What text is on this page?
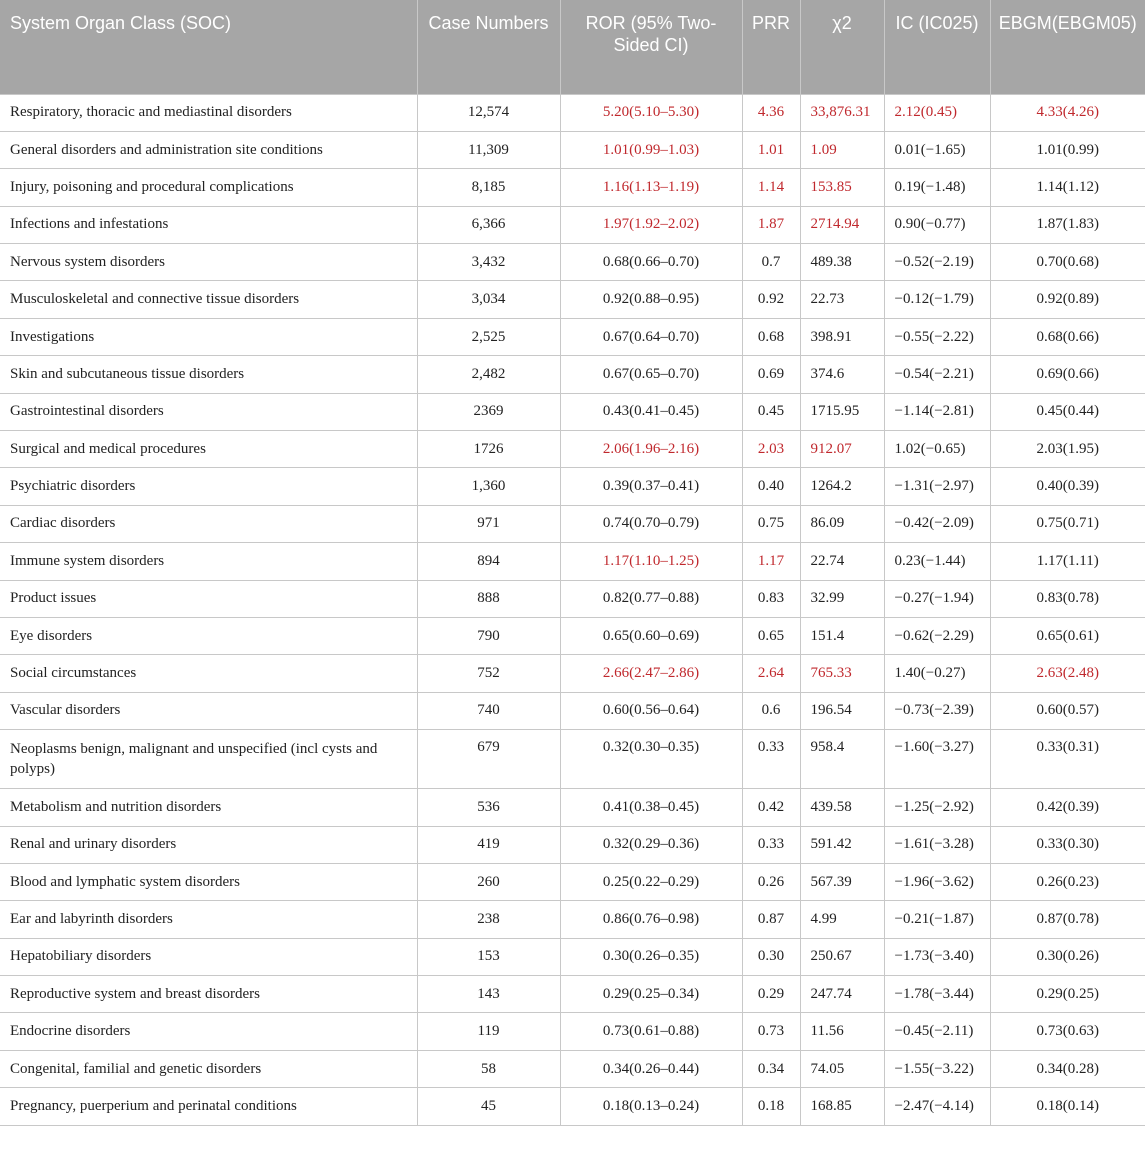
System Organ Class (SOC)	Case Numbers	ROR (95% Two-Sided CI)	PRR	χ2	IC (IC025)	EBGM(EBGM05)
Respiratory, thoracic and mediastinal disorders	12,574	5.20(5.10–5.30)	4.36	33,876.31	2.12(0.45)	4.33(4.26)
General disorders and administration site conditions	11,309	1.01(0.99–1.03)	1.01	1.09	0.01(−1.65)	1.01(0.99)
Injury, poisoning and procedural complications	8,185	1.16(1.13–1.19)	1.14	153.85	0.19(−1.48)	1.14(1.12)
Infections and infestations	6,366	1.97(1.92–2.02)	1.87	2714.94	0.90(−0.77)	1.87(1.83)
Nervous system disorders	3,432	0.68(0.66–0.70)	0.7	489.38	−0.52(−2.19)	0.70(0.68)
Musculoskeletal and connective tissue disorders	3,034	0.92(0.88–0.95)	0.92	22.73	−0.12(−1.79)	0.92(0.89)
Investigations	2,525	0.67(0.64–0.70)	0.68	398.91	−0.55(−2.22)	0.68(0.66)
Skin and subcutaneous tissue disorders	2,482	0.67(0.65–0.70)	0.69	374.6	−0.54(−2.21)	0.69(0.66)
Gastrointestinal disorders	2369	0.43(0.41–0.45)	0.45	1715.95	−1.14(−2.81)	0.45(0.44)
Surgical and medical procedures	1726	2.06(1.96–2.16)	2.03	912.07	1.02(−0.65)	2.03(1.95)
Psychiatric disorders	1,360	0.39(0.37–0.41)	0.40	1264.2	−1.31(−2.97)	0.40(0.39)
Cardiac disorders	971	0.74(0.70–0.79)	0.75	86.09	−0.42(−2.09)	0.75(0.71)
Immune system disorders	894	1.17(1.10–1.25)	1.17	22.74	0.23(−1.44)	1.17(1.11)
Product issues	888	0.82(0.77–0.88)	0.83	32.99	−0.27(−1.94)	0.83(0.78)
Eye disorders	790	0.65(0.60–0.69)	0.65	151.4	−0.62(−2.29)	0.65(0.61)
Social circumstances	752	2.66(2.47–2.86)	2.64	765.33	1.40(−0.27)	2.63(2.48)
Vascular disorders	740	0.60(0.56–0.64)	0.6	196.54	−0.73(−2.39)	0.60(0.57)
Neoplasms benign, malignant and unspecified (incl cysts and polyps)	679	0.32(0.30–0.35)	0.33	958.4	−1.60(−3.27)	0.33(0.31)
Metabolism and nutrition disorders	536	0.41(0.38–0.45)	0.42	439.58	−1.25(−2.92)	0.42(0.39)
Renal and urinary disorders	419	0.32(0.29–0.36)	0.33	591.42	−1.61(−3.28)	0.33(0.30)
Blood and lymphatic system disorders	260	0.25(0.22–0.29)	0.26	567.39	−1.96(−3.62)	0.26(0.23)
Ear and labyrinth disorders	238	0.86(0.76–0.98)	0.87	4.99	−0.21(−1.87)	0.87(0.78)
Hepatobiliary disorders	153	0.30(0.26–0.35)	0.30	250.67	−1.73(−3.40)	0.30(0.26)
Reproductive system and breast disorders	143	0.29(0.25–0.34)	0.29	247.74	−1.78(−3.44)	0.29(0.25)
Endocrine disorders	119	0.73(0.61–0.88)	0.73	11.56	−0.45(−2.11)	0.73(0.63)
Congenital, familial and genetic disorders	58	0.34(0.26–0.44)	0.34	74.05	−1.55(−3.22)	0.34(0.28)
Pregnancy, puerperium and perinatal conditions	45	0.18(0.13–0.24)	0.18	168.85	−2.47(−4.14)	0.18(0.14)
